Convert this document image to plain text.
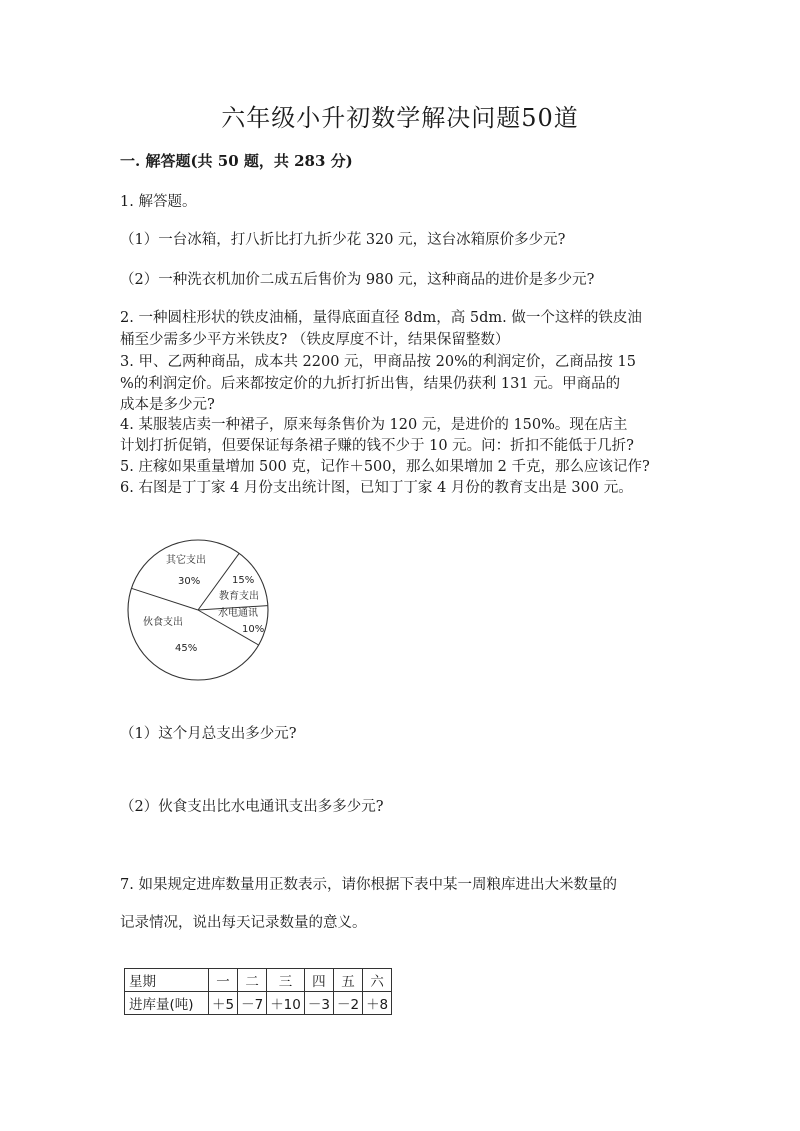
六年级小升初数学解决问题50道
一. 解答题(共 50 题，共 283 分)
1. 解答题。
（1）一台冰箱，打八折比打九折少花 320 元，这台冰箱原价多少元?
（2）一种洗衣机加价二成五后售价为 980 元，这种商品的进价是多少元?
2. 一种圆柱形状的铁皮油桶，量得底面直径 8dm，高 5dm. 做一个这样的铁皮油
桶至少需多少平方米铁皮? （铁皮厚度不计，结果保留整数）
3. 甲、乙两种商品，成本共 2200 元，甲商品按 20%的利润定价，乙商品按 15
%的利润定价。后来都按定价的九折打折出售，结果仍获利 131 元。甲商品的
成本是多少元?
4. 某服装店卖一种裙子，原来每条售价为 120 元，是进价的 150%。现在店主
计划打折促销，但要保证每条裙子赚的钱不少于 10 元。问：折扣不能低于几折?
5. 庄稼如果重量增加 500 克，记作＋500，那么如果增加 2 千克，那么应该记作?
6. 右图是丁丁家 4 月份支出统计图，已知丁丁家 4 月份的教育支出是 300 元。
其它支出
30%	15%
教育支出
水电通讯
10%
伙食支出
45%
（1）这个月总支出多少元?
（2）伙食支出比水电通讯支出多多少元?
7. 如果规定进库数量用正数表示，请你根据下表中某一周粮库进出大米数量的
记录情况，说出每天记录数量的意义。
星期	一	二	三	四	五	六
进库量(吨)	＋5	－7	＋10	－3	－2	＋8
